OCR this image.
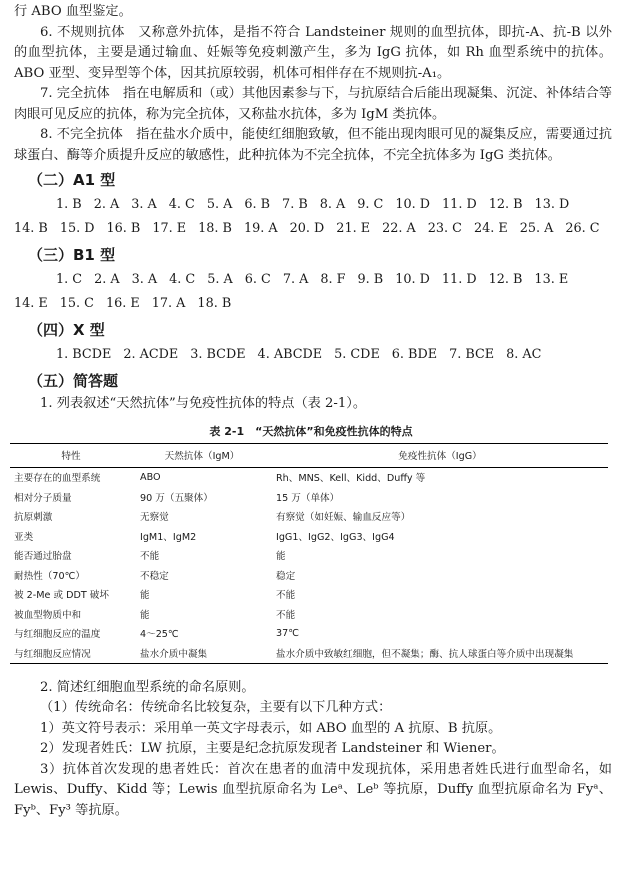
行 ABO 血型鉴定。

6. 不规则抗体　又称意外抗体，是指不符合 Landsteiner 规则的血型抗体，即抗-A、抗-B 以外的血型抗体，主要是通过输血、妊娠等免疫刺激产生，多为 IgG 抗体，如 Rh 血型系统中的抗体。ABO 亚型、变异型等个体，因其抗原较弱，机体可相伴存在不规则抗-A₁。

7. 完全抗体　指在电解质和（或）其他因素参与下，与抗原结合后能出现凝集、沉淀、补体结合等肉眼可见反应的抗体，称为完全抗体，又称盐水抗体，多为 IgM 类抗体。

8. 不完全抗体　指在盐水介质中，能使红细胞致敏，但不能出现肉眼可见的凝集反应，需要通过抗球蛋白、酶等介质提升反应的敏感性，此种抗体为不完全抗体，不完全抗体多为 IgG 类抗体。

（二）A1 型
1. B 2. A 3. A 4. C 5. A 6. B 7. B 8. A 9. C 10. D 11. D 12. B 13. D
14. B 15. D 16. B 17. E 18. B 19. A 20. D 21. E 22. A 23. C 24. E 25. A 26. C
（三）B1 型
1. C 2. A 3. A 4. C 5. A 6. C 7. A 8. F 9. B 10. D 11. D 12. B 13. E
14. E 15. C 16. E 17. A 18. B
（四）X 型
1. BCDE 2. ACDE 3. BCDE 4. ABCDE 5. CDE 6. BDE 7. BCE 8. AC
（五）简答题

1. 列表叙述“天然抗体”与免疫性抗体的特点（表 2-1）。

表 2-1　“天然抗体”和免疫性抗体的特点
特性	天然抗体（IgM）	免疫性抗体（IgG）
主要存在的血型系统	ABO	Rh、MNS、Kell、Kidd、Duffy 等
相对分子质量	90 万（五聚体）	15 万（单体）
抗原刺激	无察觉	有察觉（如妊娠、输血反应等）
亚类	IgM1、IgM2	IgG1、IgG2、IgG3、IgG4
能否通过胎盘	不能	能
耐热性（70℃）	不稳定	稳定
被 2-Me 或 DDT 破坏	能	不能
被血型物质中和	能	不能
与红细胞反应的温度	4～25℃	37℃
与红细胞反应情况	盐水介质中凝集	盐水介质中致敏红细胞，但不凝集；酶、抗人球蛋白等介质中出现凝集

2. 简述红细胞血型系统的命名原则。

（1）传统命名：传统命名比较复杂，主要有以下几种方式：

1）英文符号表示：采用单一英文字母表示，如 ABO 血型的 A 抗原、B 抗原。

2）发现者姓氏：LW 抗原，主要是纪念抗原发现者 Landsteiner 和 Wiener。

3）抗体首次发现的患者姓氏：首次在患者的血清中发现抗体，采用患者姓氏进行血型命名，如 Lewis、Duffy、Kidd 等；Lewis 血型抗原命名为 Leᵃ、Leᵇ 等抗原，Duffy 血型抗原命名为 Fyᵃ、Fyᵇ、Fy³ 等抗原。
